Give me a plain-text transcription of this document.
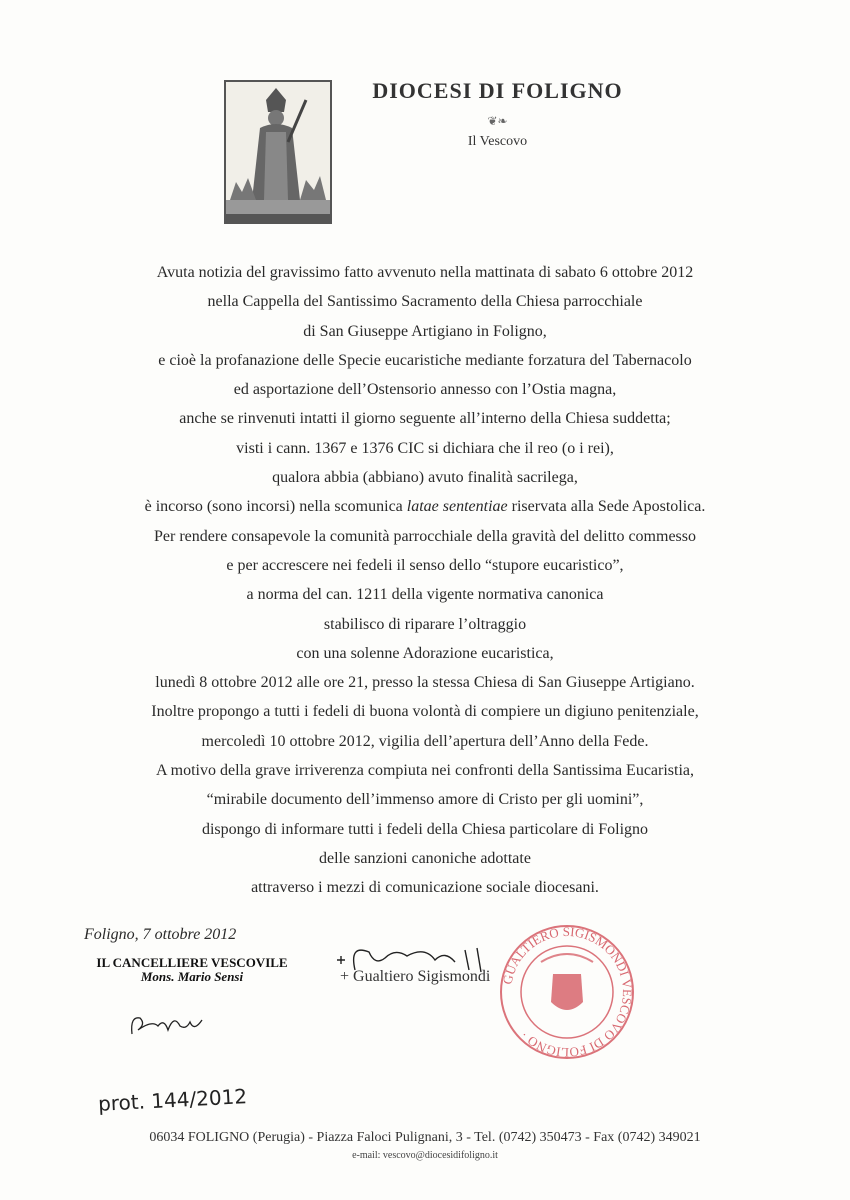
DIOCESI DI FOLIGNO
❦❧
Il Vescovo
Avuta notizia del gravissimo fatto avvenuto nella mattinata di sabato 6 ottobre 2012
nella Cappella del Santissimo Sacramento della Chiesa parrocchiale
di San Giuseppe Artigiano in Foligno,
e cioè la profanazione delle Specie eucaristiche mediante forzatura del Tabernacolo
ed asportazione dell’Ostensorio annesso con l’Ostia magna,
anche se rinvenuti intatti il giorno seguente all’interno della Chiesa suddetta;
visti i cann. 1367 e 1376 CIC si dichiara che il reo (o i rei),
qualora abbia (abbiano) avuto finalità sacrilega,
è incorso (sono incorsi) nella scomunica latae sententiae riservata alla Sede Apostolica.
Per rendere consapevole la comunità parrocchiale della gravità del delitto commesso
e per accrescere nei fedeli il senso dello “stupore eucaristico”,
a norma del can. 1211 della vigente normativa canonica
stabilisco di riparare l’oltraggio
con una solenne Adorazione eucaristica,
lunedì 8 ottobre 2012 alle ore 21, presso la stessa Chiesa di San Giuseppe Artigiano.
Inoltre propongo a tutti i fedeli di buona volontà di compiere un digiuno penitenziale,
mercoledì 10 ottobre 2012, vigilia dell’apertura dell’Anno della Fede.
A motivo della grave irriverenza compiuta nei confronti della Santissima Eucaristia,
“mirabile documento dell’immenso amore di Cristo per gli uomini”,
dispongo di informare tutti i fedeli della Chiesa particolare di Foligno
delle sanzioni canoniche adottate
attraverso i mezzi di comunicazione sociale diocesani.
Foligno, 7 ottobre 2012
IL CANCELLIERE VESCOVILE
Mons. Mario Sensi	+ Gualtiero Sigismondi GUALTIERO SIGISMONDI VESCOVO DI FOLIGNO ·
prot. 144/2012
06034 FOLIGNO (Perugia) - Piazza Faloci Pulignani, 3 - Tel. (0742) 350473 - Fax (0742) 349021
e-mail: vescovo@diocesidifoligno.it
